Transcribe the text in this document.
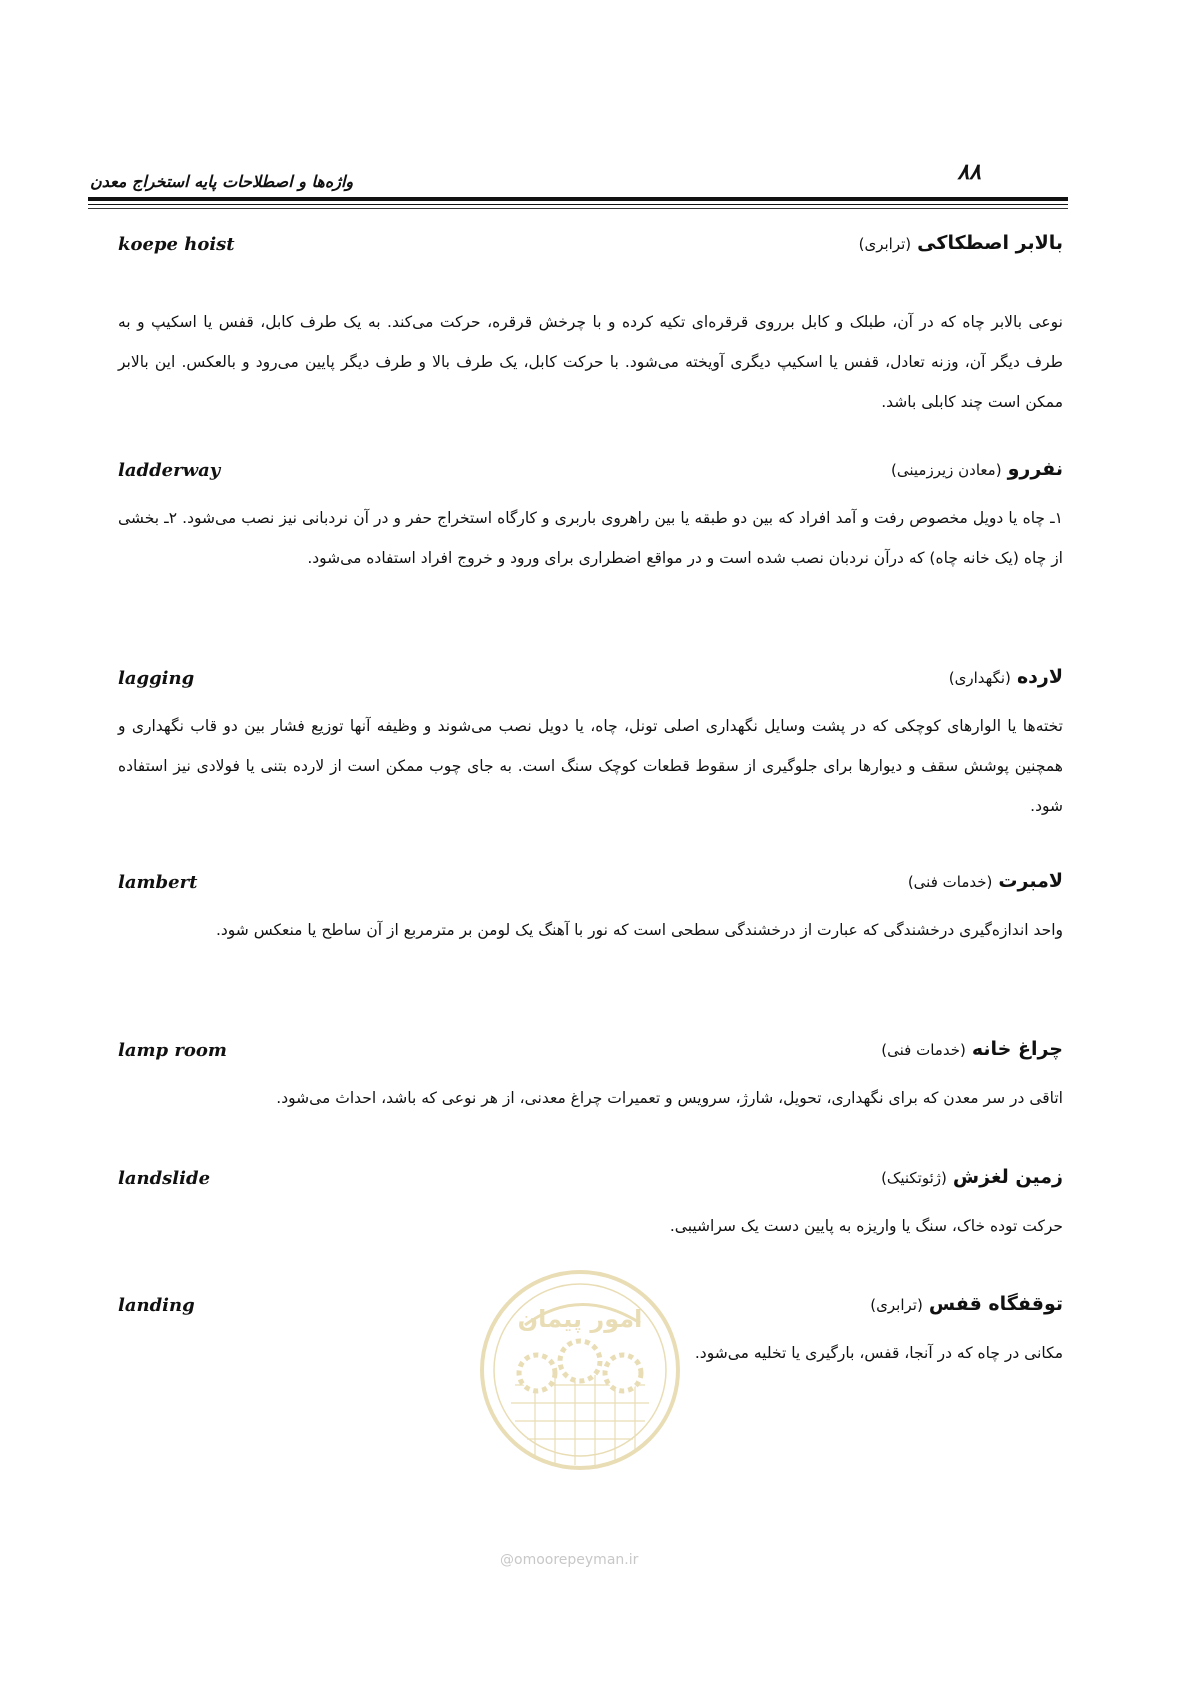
۸۸
واژه‌ها و اصطلاحات پایه استخراج معدن
بالابر اصطکاکی (ترابری)
koepe hoist
نوعی بالابر چاه که در آن، طبلک و کابل برروی قرقره‌ای تکیه کرده و با چرخش قرقره، حرکت می‌کند. به یک طرف کابل، قفس یا اسکیپ و به طرف دیگر آن، وزنه تعادل، قفس یا اسکیپ دیگری آویخته می‌شود. با حرکت کابل، یک طرف بالا و طرف دیگر پایین می‌رود و بالعکس. این بالابر ممکن است چند کابلی باشد.
نفررو (معادن زیرزمینی)
ladderway
۱ـ چاه یا دویل مخصوص رفت و آمد افراد که بین دو طبقه یا بین راهروی باربری و کارگاه استخراج حفر و در آن نردبانی نیز نصب می‌شود. ۲ـ بخشی از چاه (یک خانه چاه) که درآن نردبان نصب شده است و در مواقع اضطراری برای ورود و خروج افراد استفاده می‌شود.
لارده (نگهداری)
lagging
تخته‌ها یا الوارهای کوچکی که در پشت وسایل نگهداری اصلی تونل، چاه، یا دویل نصب می‌شوند و وظیفه آنها توزیع فشار بین دو قاب نگهداری و همچنین پوشش سقف و دیوارها برای جلوگیری از سقوط قطعات کوچک سنگ است. به جای چوب ممکن است از لارده بتنی یا فولادی نیز استفاده شود.
لامبرت (خدمات فنی)
lambert
واحد اندازه‌گیری درخشندگی که عبارت از درخشندگی سطحی است که نور با آهنگ یک لومن بر مترمربع از آن ساطح یا منعکس شود.
چراغ خانه (خدمات فنی)
lamp room
اتاقی در سر معدن که برای نگهداری، تحویل، شارژ، سرویس و تعمیرات چراغ معدنی، از هر نوعی که باشد، احداث می‌شود.
زمین لغزش (ژئوتکنیک)
landslide
حرکت توده خاک، سنگ یا واریزه به پایین دست یک سراشیبی.
توقفگاه قفس (ترابری)
landing
مکانی در چاه که در آنجا، قفس، بارگیری یا تخلیه می‌شود.
امور پیمان
@omoorepeyman.ir
